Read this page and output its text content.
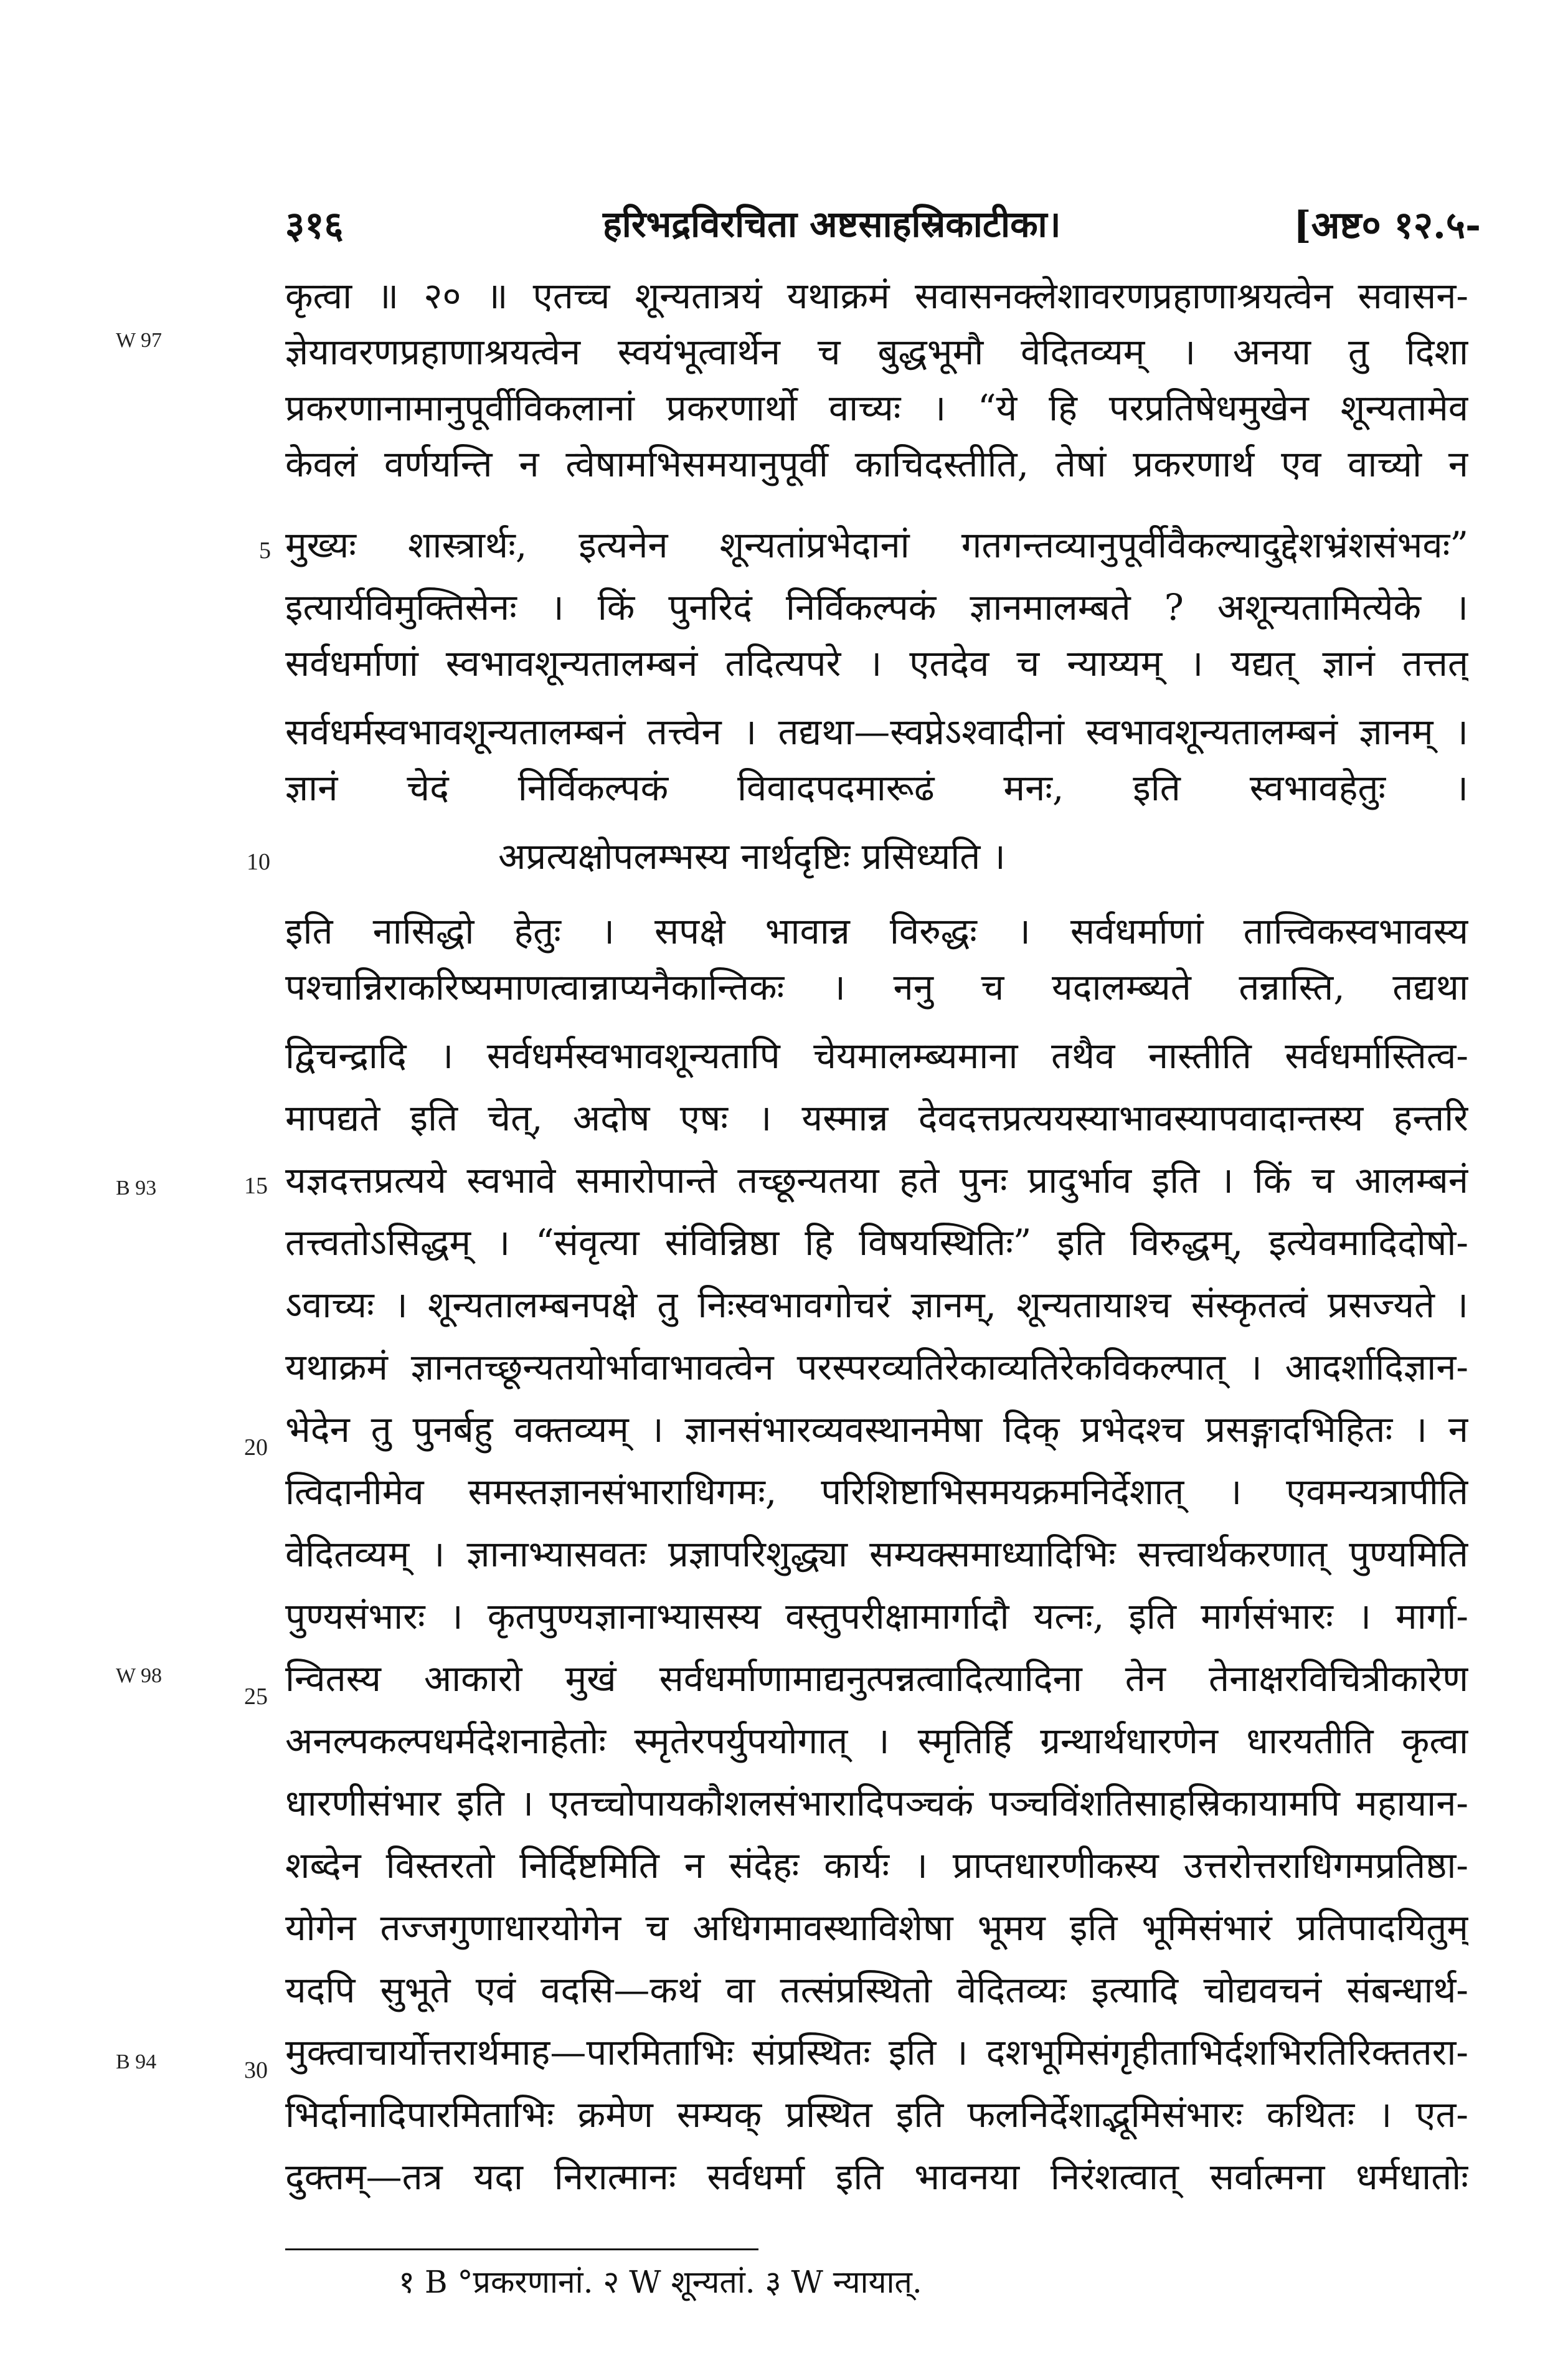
३१६	हरिभद्रविरचिता अष्टसाहस्रिकाटीका।	[अष्ट० १२.५-
W 97
B 93
W 98
B 94
5
10
15
20
25
30
कृत्वा ॥ २० ॥ एतच्च शून्यतात्रयं यथाक्रमं सवासनक्लेशावरणप्रहाणाश्रयत्वेन सवासन-
ज्ञेयावरणप्रहाणाश्रयत्वेन स्वयंभूत्वार्थेन च बुद्धभूमौ वेदितव्यम् । अनया तु दिशा
प्रकरणानामानुपूर्वीविकलानां प्रकरणार्थो वाच्यः । “ये हि परप्रतिषेधमुखेन शून्यतामेव
केवलं वर्णयन्ति न त्वेषामभिसमयानुपूर्वी काचिदस्तीति, तेषां प्रकरणार्थ एव वाच्यो न
मुख्यः शास्त्रार्थः, इत्यनेन शून्यतांप्रभेदानां गतगन्तव्यानुपूर्वीवैकल्यादुद्देशभ्रंशसंभवः”
इत्यार्यविमुक्तिसेनः । किं पुनरिदं निर्विकल्पकं ज्ञानमालम्बते ? अशून्यतामित्येके ।
सर्वधर्माणां स्वभावशून्यतालम्बनं तदित्यपरे । एतदेव च न्याय्यम् । यद्यत् ज्ञानं तत्तत्
सर्वधर्मस्वभावशून्यतालम्बनं तत्त्वेन । तद्यथा—स्वप्नेऽश्वादीनां स्वभावशून्यतालम्बनं ज्ञानम् ।
ज्ञानं चेदं निर्विकल्पकं विवादपदमारूढं मनः, इति स्वभावहेतुः ।
अप्रत्यक्षोपलम्भस्य नार्थदृष्टिः प्रसिध्यति ।
इति नासिद्धो हेतुः । सपक्षे भावान्न विरुद्धः । सर्वधर्माणां तात्त्विकस्वभावस्य
पश्चान्निराकरिष्यमाणत्वान्नाप्यनैकान्तिकः । ननु च यदालम्ब्यते तन्नास्ति, तद्यथा
द्विचन्द्रादि । सर्वधर्मस्वभावशून्यतापि चेयमालम्ब्यमाना तथैव नास्तीति सर्वधर्मास्तित्व-
मापद्यते इति चेत्, अदोष एषः । यस्मान्न देवदत्तप्रत्ययस्याभावस्यापवादान्तस्य हन्तरि
यज्ञदत्तप्रत्यये स्वभावे समारोपान्ते तच्छून्यतया हते पुनः प्रादुर्भाव इति । किं च आलम्बनं
तत्त्वतोऽसिद्धम् । “संवृत्या संविन्निष्ठा हि विषयस्थितिः” इति विरुद्धम्, इत्येवमादिदोषो-
ऽवाच्यः । शून्यतालम्बनपक्षे तु निःस्वभावगोचरं ज्ञानम्, शून्यतायाश्च संस्कृतत्वं प्रसज्यते ।
यथाक्रमं ज्ञानतच्छून्यतयोर्भावाभावत्वेन परस्परव्यतिरेकाव्यतिरेकविकल्पात् । आदर्शादिज्ञान-
भेदेन तु पुनर्बहु वक्तव्यम् । ज्ञानसंभारव्यवस्थानमेषा दिक् प्रभेदश्च प्रसङ्गादभिहितः । न
त्विदानीमेव समस्तज्ञानसंभाराधिगमः, परिशिष्टाभिसमयक्रमनिर्देशात् । एवमन्यत्रापीति
वेदितव्यम् । ज्ञानाभ्यासवतः प्रज्ञापरिशुद्ध्या सम्यक्समाध्यादिभिः सत्त्वार्थकरणात् पुण्यमिति
पुण्यसंभारः । कृतपुण्यज्ञानाभ्यासस्य वस्तुपरीक्षामार्गादौ यत्नः, इति मार्गसंभारः । मार्गा-
न्वितस्य आकारो मुखं सर्वधर्माणामाद्यनुत्पन्नत्वादित्यादिना तेन तेनाक्षरविचित्रीकारेण
अनल्पकल्पधर्मदेशनाहेतोः स्मृतेरपर्युपयोगात् । स्मृतिर्हि ग्रन्थार्थधारणेन धारयतीति कृत्वा
धारणीसंभार इति । एतच्चोपायकौशलसंभारादिपञ्चकं पञ्चविंशतिसाहस्रिकायामपि महायान-
शब्देन विस्तरतो निर्दिष्टमिति न संदेहः कार्यः । प्राप्तधारणीकस्य उत्तरोत्तराधिगमप्रतिष्ठा-
योगेन तज्जगुणाधारयोगेन च अधिगमावस्थाविशेषा भूमय इति भूमिसंभारं प्रतिपादयितुम्
यदपि सुभूते एवं वदसि—कथं वा तत्संप्रस्थितो वेदितव्यः इत्यादि चोद्यवचनं संबन्धार्थ-
मुक्त्वाचार्योत्तरार्थमाह—पारमिताभिः संप्रस्थितः इति । दशभूमिसंगृहीताभिर्दशभिरतिरिक्ततरा-
भिर्दानादिपारमिताभिः क्रमेण सम्यक् प्रस्थित इति फलनिर्देशाद्भूमिसंभारः कथितः । एत-
दुक्तम्—तत्र यदा निरात्मानः सर्वधर्मा इति भावनया निरंशत्वात् सर्वात्मना धर्मधातोः
१ B °प्रकरणानां. २ W शून्यतां. ३ W न्यायात्.
